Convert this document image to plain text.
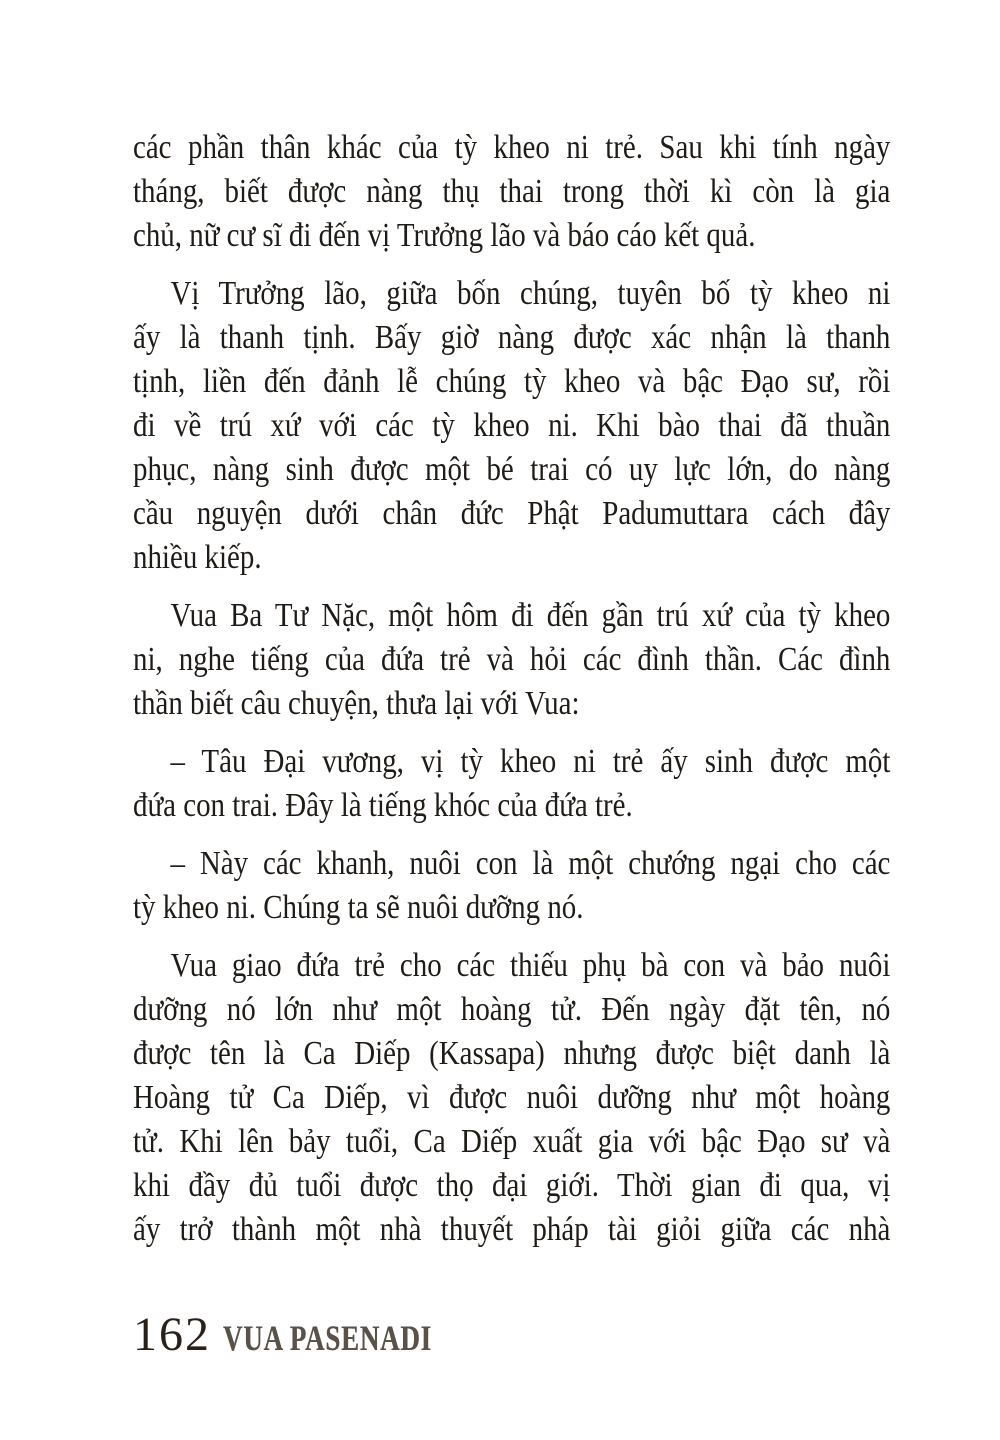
các phần thân khác của tỳ kheo ni trẻ. Sau khi tính ngày
tháng, biết được nàng thụ thai trong thời kì còn là gia
chủ, nữ cư sĩ đi đến vị Trưởng lão và báo cáo kết quả.

Vị Trưởng lão, giữa bốn chúng, tuyên bố tỳ kheo ni
ấy là thanh tịnh. Bấy giờ nàng được xác nhận là thanh
tịnh, liền đến đảnh lễ chúng tỳ kheo và bậc Đạo sư, rồi
đi về trú xứ với các tỳ kheo ni. Khi bào thai đã thuần
phục, nàng sinh được một bé trai có uy lực lớn, do nàng
cầu nguyện dưới chân đức Phật Padumuttara cách đây
nhiều kiếp.

Vua Ba Tư Nặc, một hôm đi đến gần trú xứ của tỳ kheo
ni, nghe tiếng của đứa trẻ và hỏi các đình thần. Các đình
thần biết câu chuyện, thưa lại với Vua:

– Tâu Đại vương, vị tỳ kheo ni trẻ ấy sinh được một
đứa con trai. Đây là tiếng khóc của đứa trẻ.

– Này các khanh, nuôi con là một chướng ngại cho các
tỳ kheo ni. Chúng ta sẽ nuôi dưỡng nó.

Vua giao đứa trẻ cho các thiếu phụ bà con và bảo nuôi
dưỡng nó lớn như một hoàng tử. Đến ngày đặt tên, nó
được tên là Ca Diếp (Kassapa) nhưng được biệt danh là
Hoàng tử Ca Diếp, vì được nuôi dưỡng như một hoàng
tử. Khi lên bảy tuổi, Ca Diếp xuất gia với bậc Đạo sư và
khi đầy đủ tuổi được thọ đại giới. Thời gian đi qua, vị
ấy trở thành một nhà thuyết pháp tài giỏi giữa các nhà

162 VUA PASENADI
